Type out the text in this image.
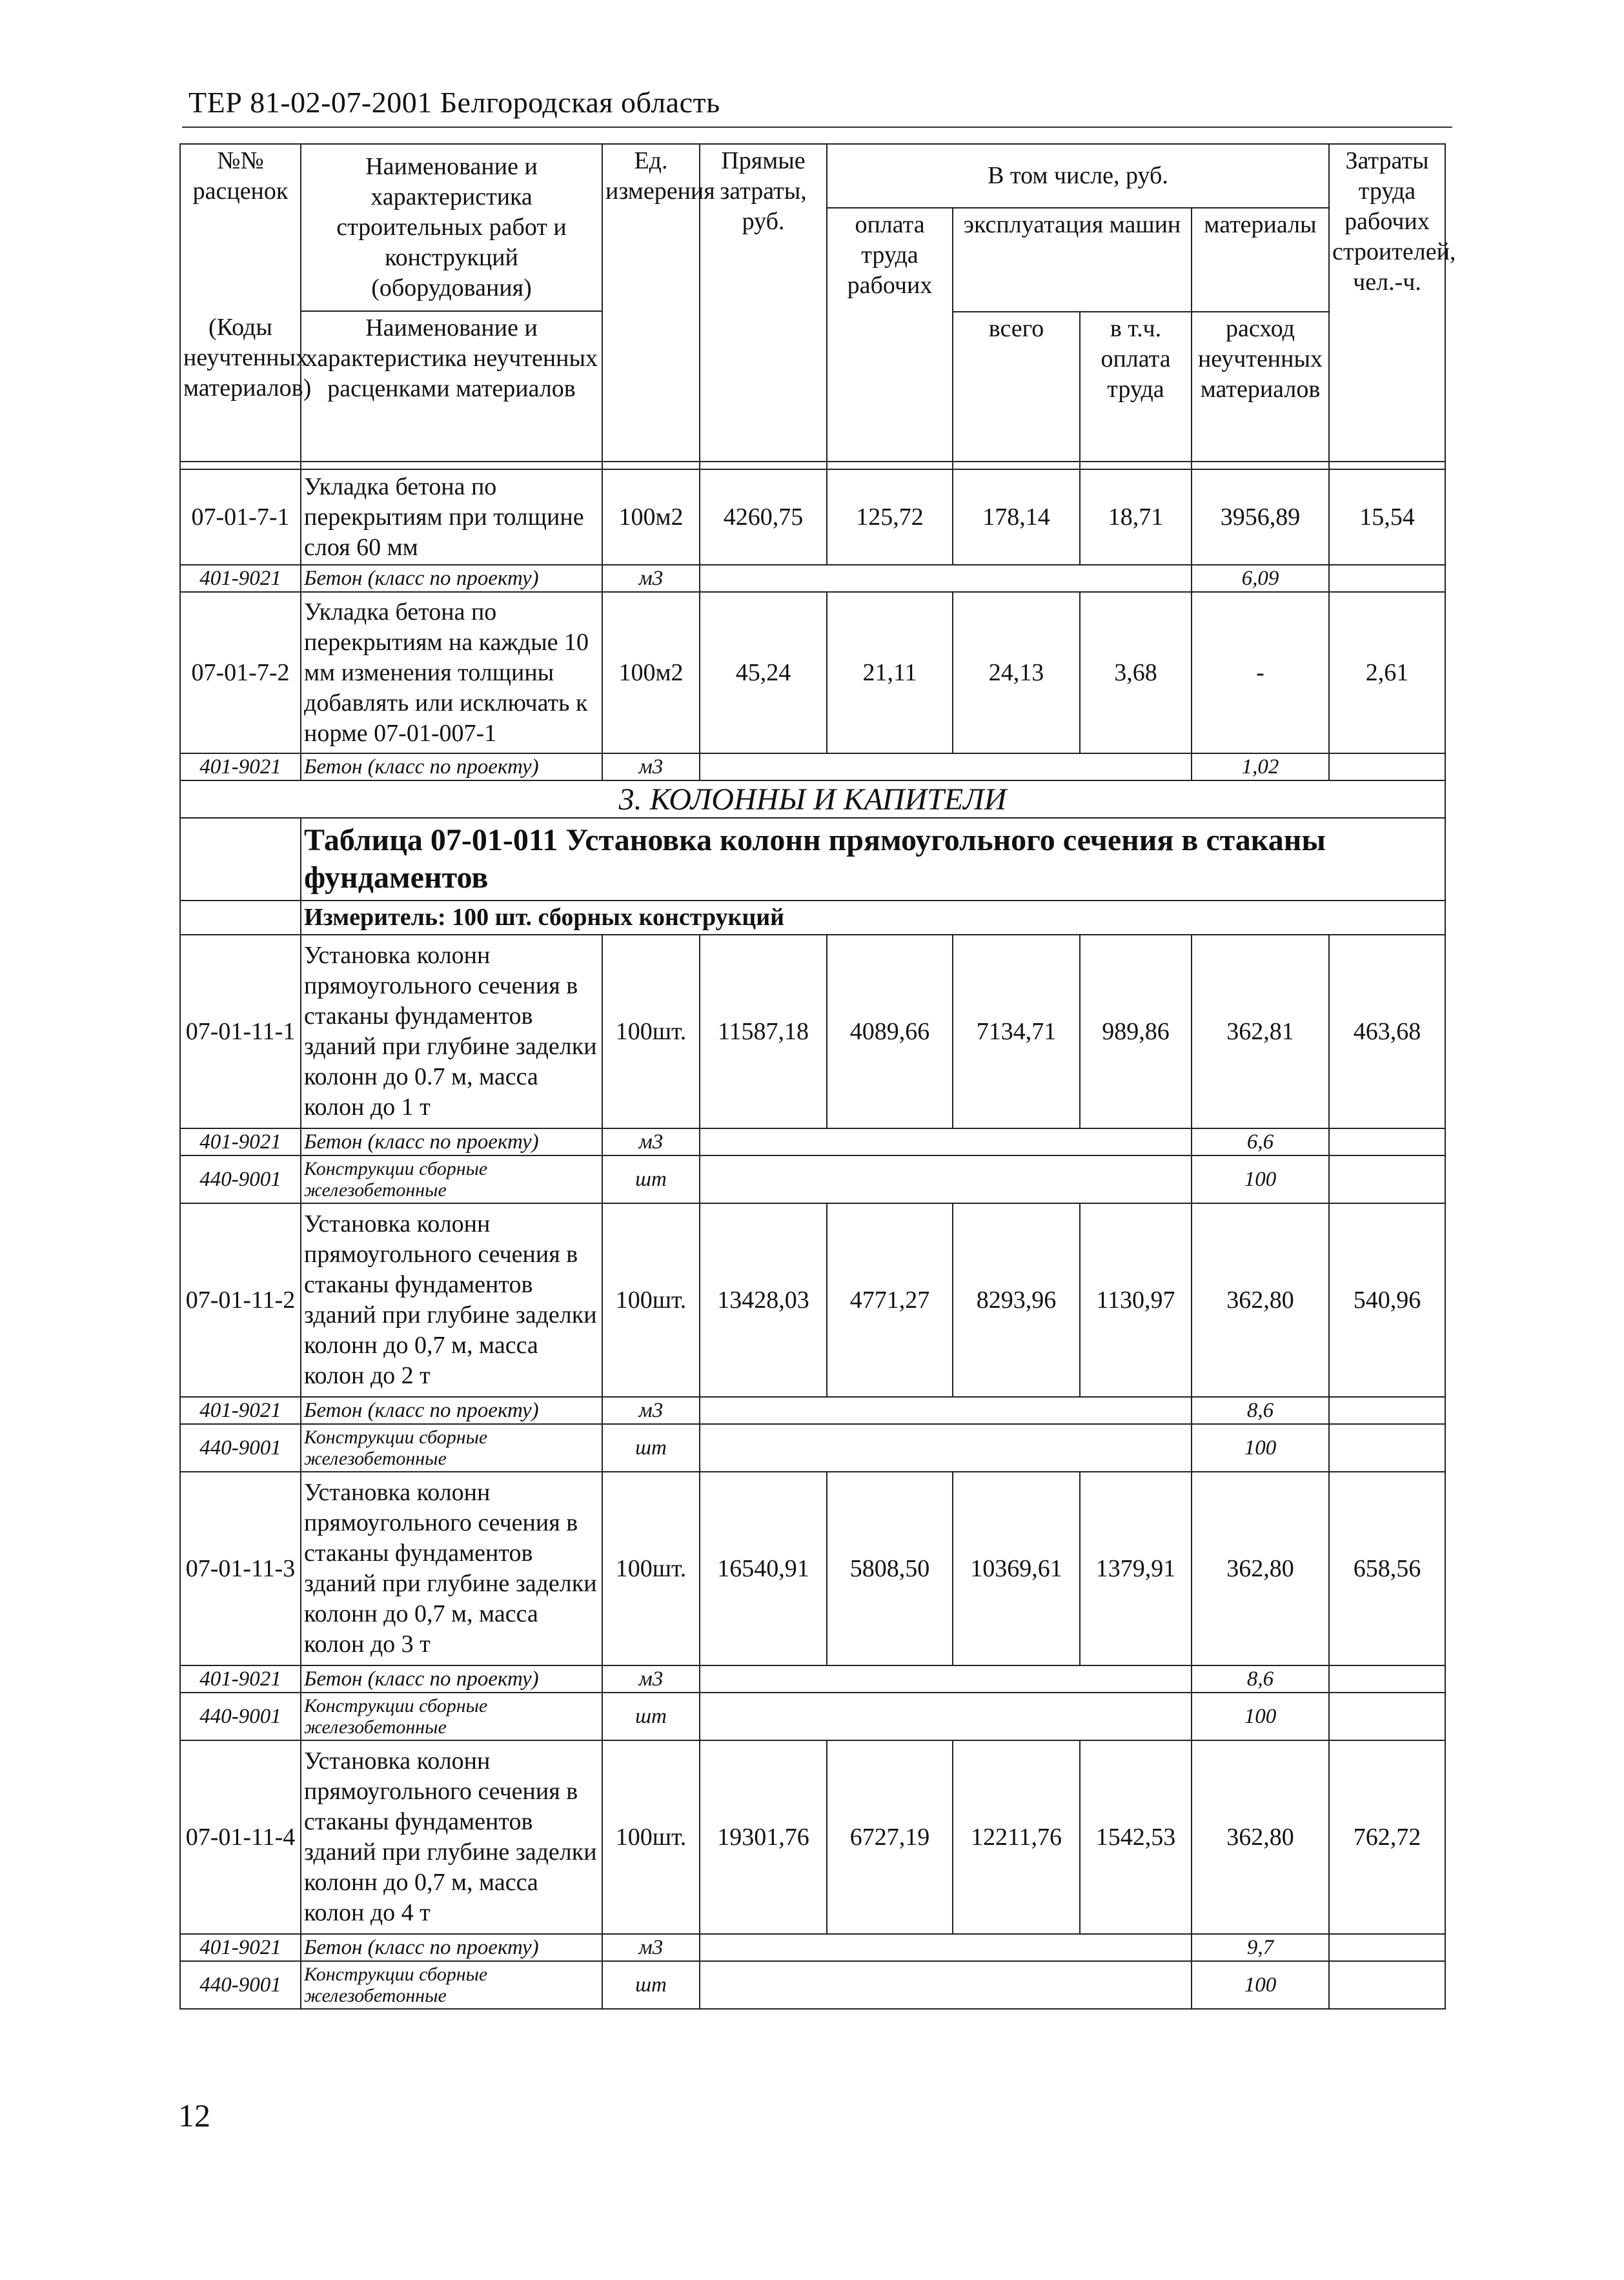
ТЕР 81-02-07-2001 Белгородская область
№№ расценок	Наименование и характеристика строительных работ и конструкций (оборудования)	Ед. измерения	Прямые затраты, руб.	В том числе, руб.				Затраты труда рабочих строителей, чел.-ч.
				оплата труда рабочих	эксплуатация машин		материалы	
(Коды неучтенных материалов)	Наименование и характеристика неучтенных расценками материалов							
					всего	в т.ч. оплата труда	расход неучтенных материалов	

07-01-7-1	Укладка бетона по перекрытиям при толщине слоя 60 мм	100м2	4260,75	125,72	178,14	18,71	3956,89	15,54
401-9021	Бетон (класс по проекту)	м3					6,09	
07-01-7-2	Укладка бетона по перекрытиям на каждые 10 мм изменения толщины добавлять или исключать к норме 07-01-007-1	100м2	45,24	21,11	24,13	3,68	-	2,61
401-9021	Бетон (класс по проекту)	м3					1,02	
3. КОЛОННЫ И КАПИТЕЛИ								
	Таблица 07-01-011 Установка колонн прямоугольного сечения в стаканы фундаментов							
	Измеритель: 100 шт. сборных конструкций							
07-01-11-1	Установка колонн прямоугольного сечения в стаканы фундаментов зданий при глубине заделки колонн до 0.7 м, масса колон до 1 т	100шт.	11587,18	4089,66	7134,71	989,86	362,81	463,68
401-9021	Бетон (класс по проекту)	м3					6,6	
440-9001	Конструкции сборные железобетонные	шт					100	
07-01-11-2	Установка колонн прямоугольного сечения в стаканы фундаментов зданий при глубине заделки колонн до 0,7 м, масса колон до 2 т	100шт.	13428,03	4771,27	8293,96	1130,97	362,80	540,96
401-9021	Бетон (класс по проекту)	м3					8,6	
440-9001	Конструкции сборные железобетонные	шт					100	
07-01-11-3	Установка колонн прямоугольного сечения в стаканы фундаментов зданий при глубине заделки колонн до 0,7 м, масса колон до 3 т	100шт.	16540,91	5808,50	10369,61	1379,91	362,80	658,56
401-9021	Бетон (класс по проекту)	м3					8,6	
440-9001	Конструкции сборные железобетонные	шт					100	
07-01-11-4	Установка колонн прямоугольного сечения в стаканы фундаментов зданий при глубине заделки колонн до 0,7 м, масса колон до 4 т	100шт.	19301,76	6727,19	12211,76	1542,53	362,80	762,72
401-9021	Бетон (класс по проекту)	м3					9,7	
440-9001	Конструкции сборные железобетонные	шт					100	
12
